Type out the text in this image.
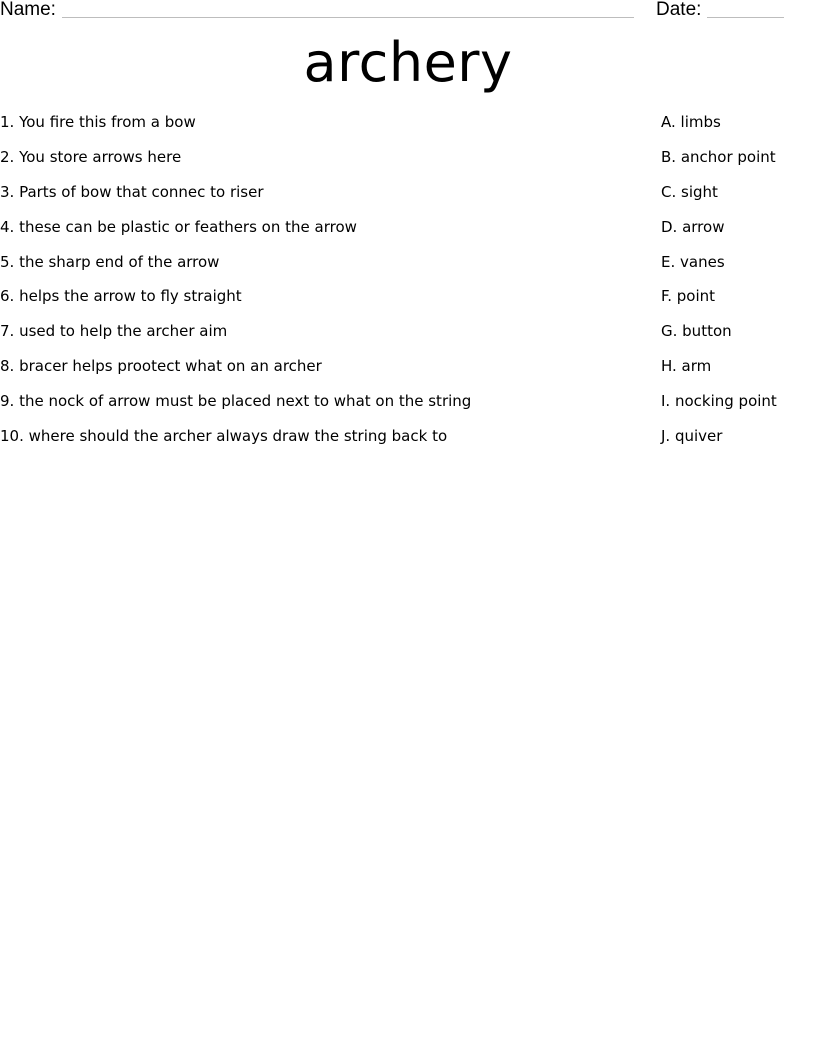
Name:	Date:
archery
1. You fire this from a bow
2. You store arrows here
3. Parts of bow that connec to riser
4. these can be plastic or feathers on the arrow
5. the sharp end of the arrow
6. helps the arrow to fly straight
7. used to help the archer aim
8. bracer helps prootect what on an archer
9. the nock of arrow must be placed next to what on the string
10. where should the archer always draw the string back to
A. limbs
B. anchor point
C. sight
D. arrow
E. vanes
F. point
G. button
H. arm
I. nocking point
J. quiver
